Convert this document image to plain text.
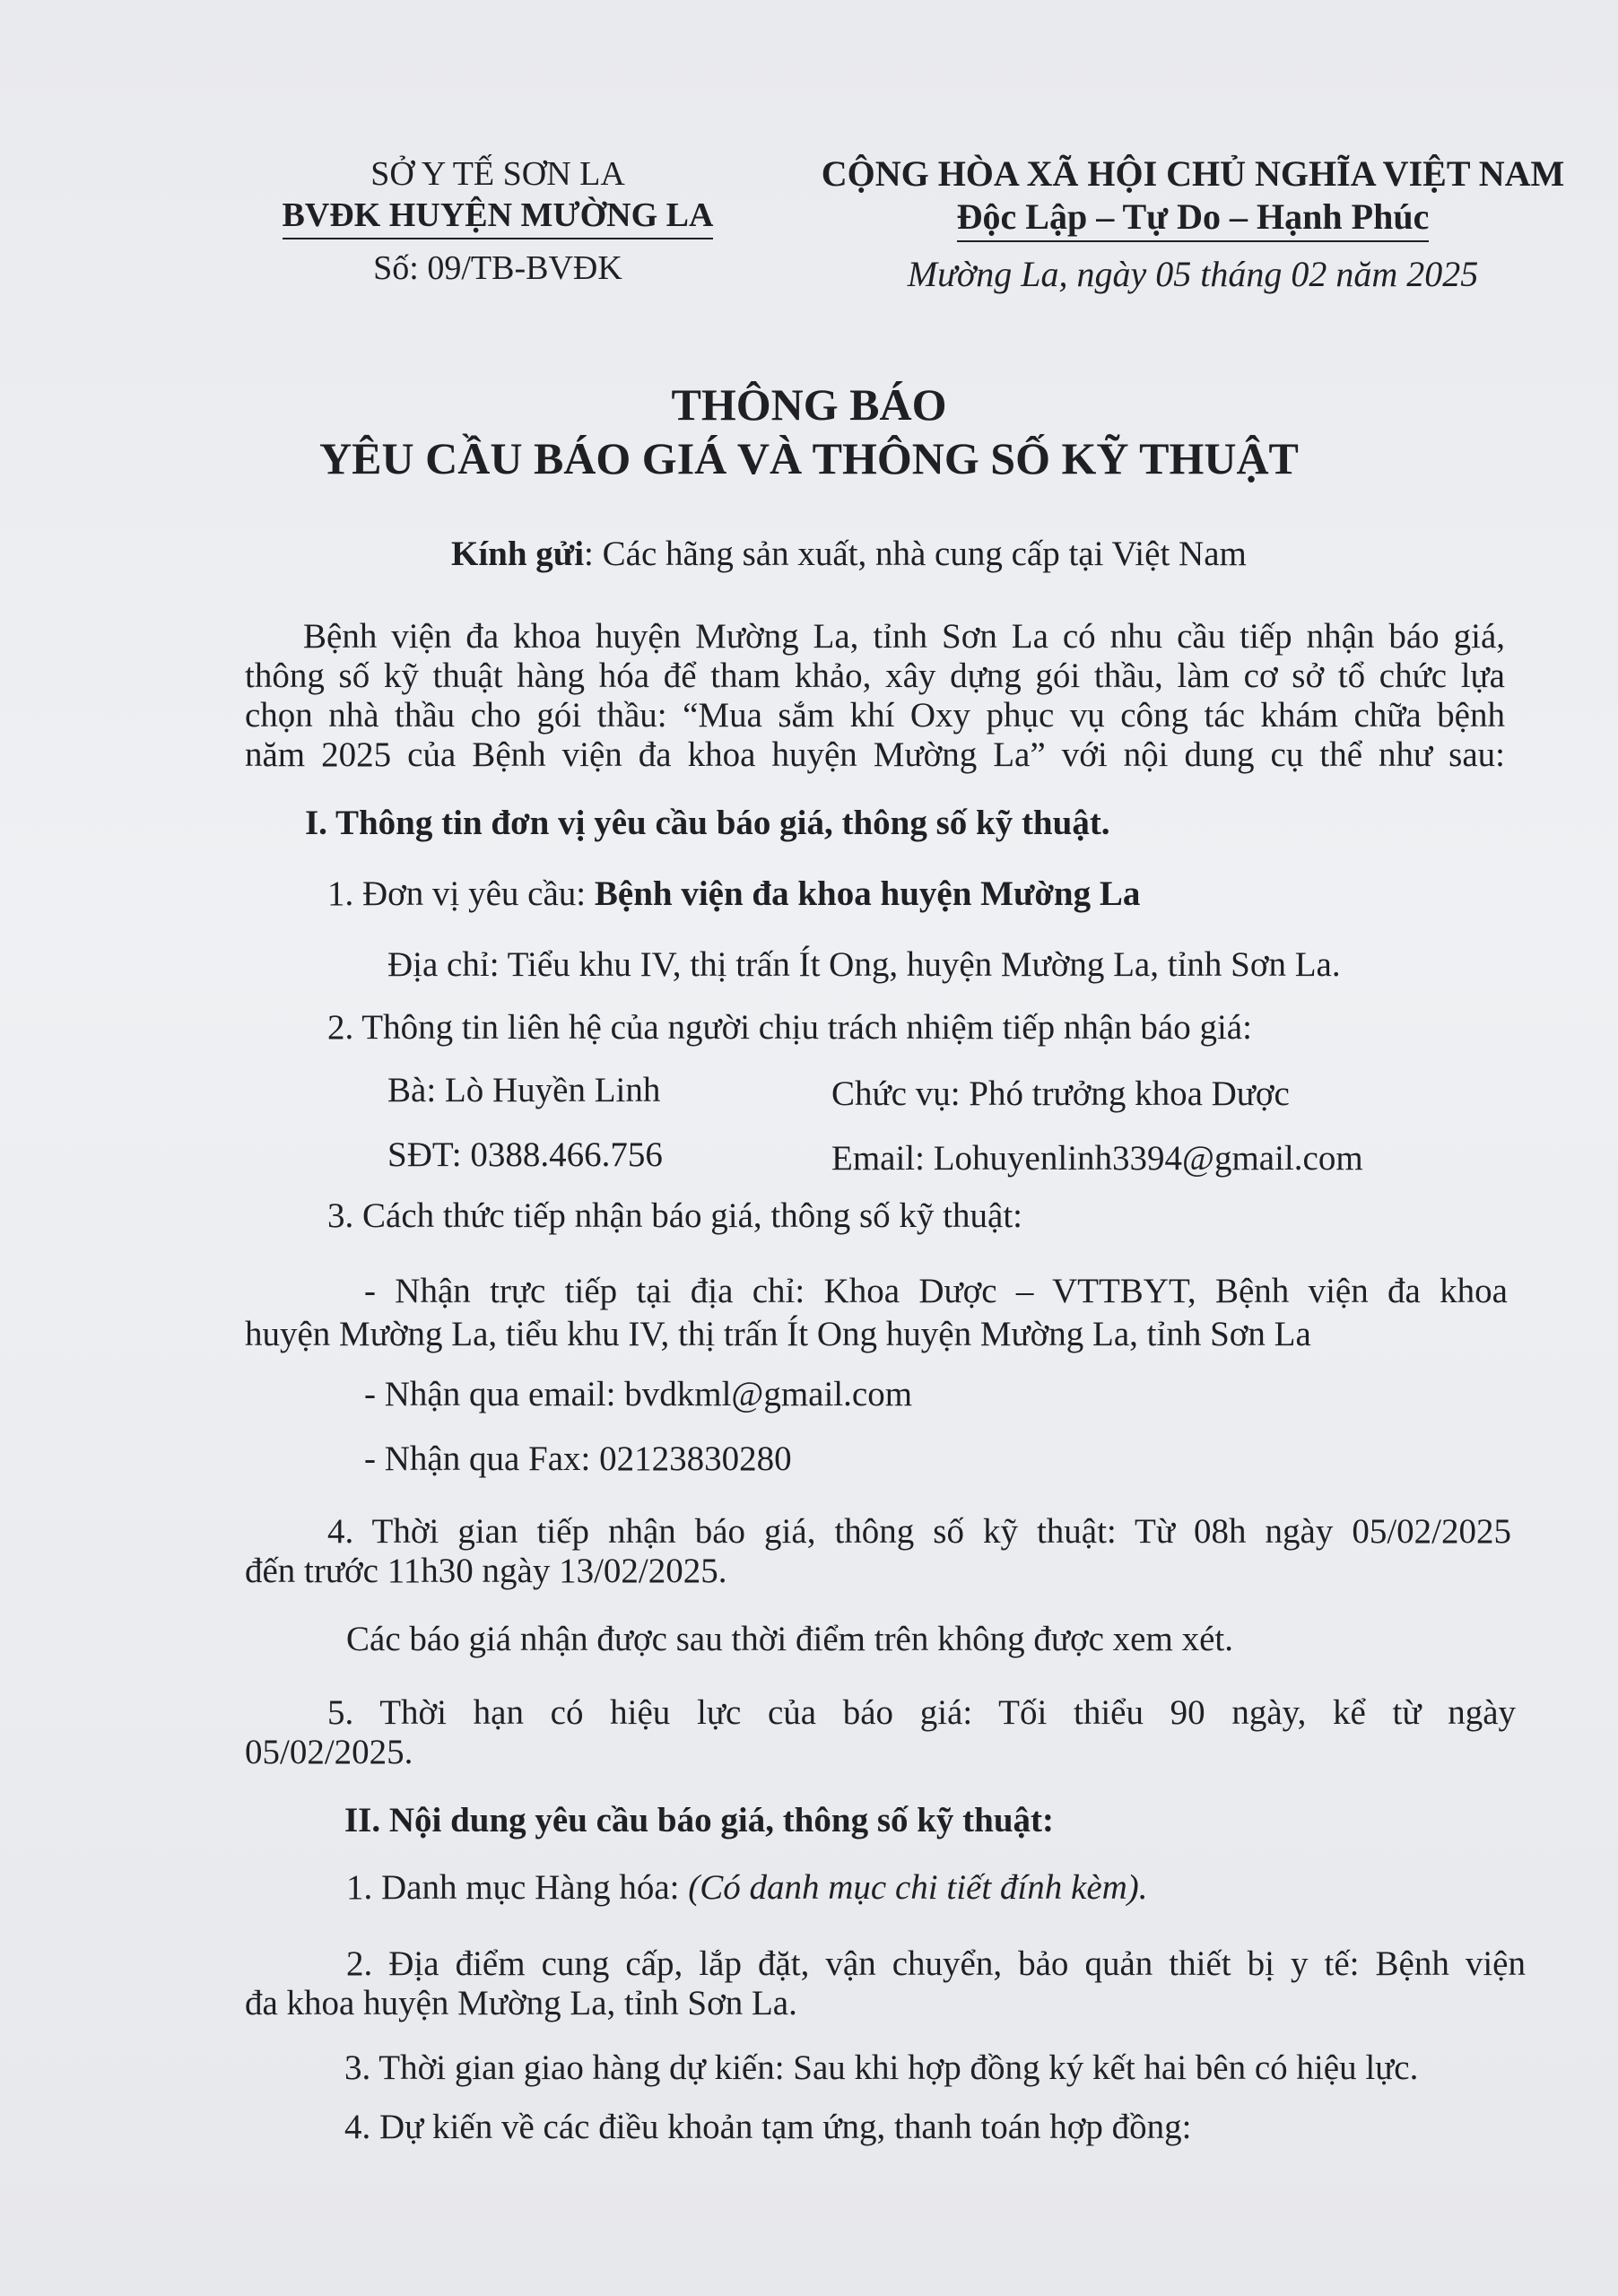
SỞ Y TẾ SƠN LA
BVĐK HUYỆN MƯỜNG LA
Số: 09/TB-BVĐK
CỘNG HÒA XÃ HỘI CHỦ NGHĨA VIỆT NAM
Độc Lập – Tự Do – Hạnh Phúc
Mường La, ngày 05 tháng 02 năm 2025
THÔNG BÁO
YÊU CẦU BÁO GIÁ VÀ THÔNG SỐ KỸ THUẬT
Kính gửi: Các hãng sản xuất, nhà cung cấp tại Việt Nam
Bệnh viện đa khoa huyện Mường La, tỉnh Sơn La có nhu cầu tiếp nhận báo giá,
thông số kỹ thuật hàng hóa để tham khảo, xây dựng gói thầu, làm cơ sở tổ chức lựa
chọn nhà thầu cho gói thầu: “Mua sắm khí Oxy phục vụ công tác khám chữa bệnh
năm 2025 của Bệnh viện đa khoa huyện Mường La” với nội dung cụ thể như sau:
I. Thông tin đơn vị yêu cầu báo giá, thông số kỹ thuật.
1. Đơn vị yêu cầu: Bệnh viện đa khoa huyện Mường La
Địa chỉ: Tiểu khu IV, thị trấn Ít Ong, huyện Mường La, tỉnh Sơn La.
2. Thông tin liên hệ của người chịu trách nhiệm tiếp nhận báo giá:
Bà: Lò Huyền Linh	Chức vụ: Phó trưởng khoa Dược
SĐT: 0388.466.756	Email: Lohuyenlinh3394@gmail.com
3. Cách thức tiếp nhận báo giá, thông số kỹ thuật:
- Nhận trực tiếp tại địa chỉ: Khoa Dược – VTTBYT, Bệnh viện đa khoa
huyện Mường La, tiểu khu IV, thị trấn Ít Ong huyện Mường La, tỉnh Sơn La
- Nhận qua email: bvdkml@gmail.com
- Nhận qua Fax: 02123830280
4. Thời gian tiếp nhận báo giá, thông số kỹ thuật: Từ 08h ngày 05/02/2025
đến trước 11h30 ngày 13/02/2025.
Các báo giá nhận được sau thời điểm trên không được xem xét.
5. Thời hạn có hiệu lực của báo giá: Tối thiểu 90 ngày, kể từ ngày
05/02/2025.
II. Nội dung yêu cầu báo giá, thông số kỹ thuật:
1. Danh mục Hàng hóa: (Có danh mục chi tiết đính kèm).
2. Địa điểm cung cấp, lắp đặt, vận chuyển, bảo quản thiết bị y tế: Bệnh viện
đa khoa huyện Mường La, tỉnh Sơn La.
3. Thời gian giao hàng dự kiến: Sau khi hợp đồng ký kết hai bên có hiệu lực.
4. Dự kiến về các điều khoản tạm ứng, thanh toán hợp đồng:
